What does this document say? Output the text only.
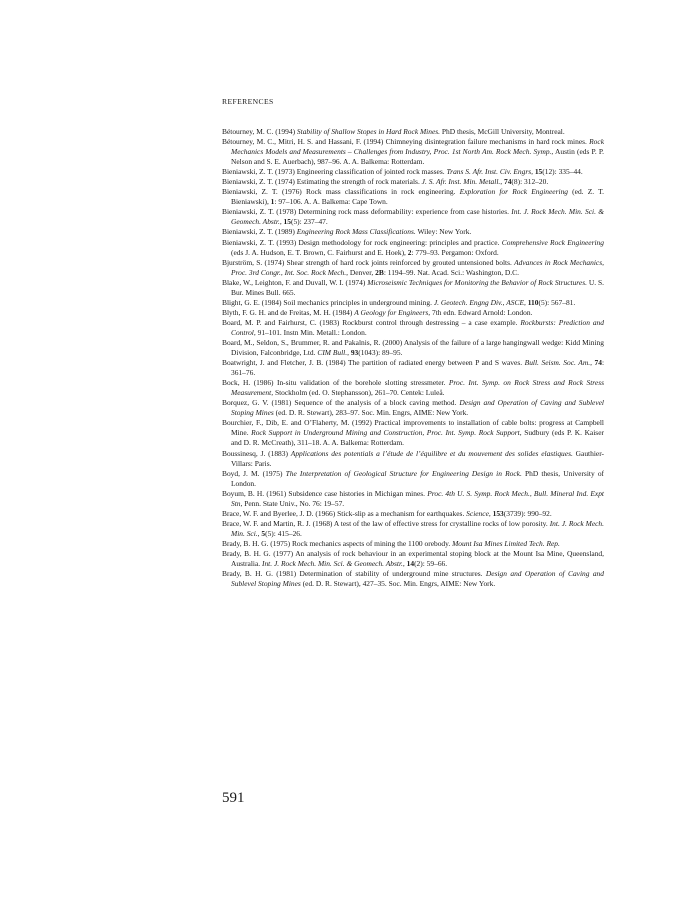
REFERENCES
Bétourney, M. C. (1994) Stability of Shallow Stopes in Hard Rock Mines. PhD thesis, McGill University, Montreal.
Bétourney, M. C., Mitri, H. S. and Hassani, F. (1994) Chimneying disintegration failure mechanisms in hard rock mines. Rock Mechanics Models and Measurements – Challenges from Industry, Proc. 1st North Am. Rock Mech. Symp., Austin (eds P. P. Nelson and S. E. Auerbach), 987–96. A. A. Balkema: Rotterdam.
Bieniawski, Z. T. (1973) Engineering classification of jointed rock masses. Trans S. Afr. Inst. Civ. Engrs, 15(12): 335–44.
Bieniawski, Z. T. (1974) Estimating the strength of rock materials. J. S. Afr. Inst. Min. Metall., 74(8): 312–20.
Bieniawski, Z. T. (1976) Rock mass classifications in rock engineering. Exploration for Rock Engineering (ed. Z. T. Bieniawski), 1: 97–106. A. A. Balkema: Cape Town.
Bieniawski, Z. T. (1978) Determining rock mass deformability: experience from case histories. Int. J. Rock Mech. Min. Sci. & Geomech. Abstr., 15(5): 237–47.
Bieniawski, Z. T. (1989) Engineering Rock Mass Classifications. Wiley: New York.
Bieniawski, Z. T. (1993) Design methodology for rock engineering: principles and practice. Comprehensive Rock Engineering (eds J. A. Hudson, E. T. Brown, C. Fairhurst and E. Hoek), 2: 779–93. Pergamon: Oxford.
Bjurström, S. (1974) Shear strength of hard rock joints reinforced by grouted untensioned bolts. Advances in Rock Mechanics, Proc. 3rd Congr., Int. Soc. Rock Mech., Denver, 2B: 1194–99. Nat. Acad. Sci.: Washington, D.C.
Blake, W., Leighton, F. and Duvall, W. I. (1974) Microseismic Techniques for Monitoring the Behavior of Rock Structures. U. S. Bur. Mines Bull. 665.
Blight, G. E. (1984) Soil mechanics principles in underground mining. J. Geotech. Engng Div., ASCE, 110(5): 567–81.
Blyth, F. G. H. and de Freitas, M. H. (1984) A Geology for Engineers, 7th edn. Edward Arnold: London.
Board, M. P. and Fairhurst, C. (1983) Rockburst control through destressing – a case example. Rockbursts: Prediction and Control, 91–101. Instn Min. Metall.: London.
Board, M., Seldon, S., Brummer, R. and Pakalnis, R. (2000) Analysis of the failure of a large hangingwall wedge: Kidd Mining Division, Falconbridge, Ltd. CIM Bull., 93(1043): 89–95.
Boatwright, J. and Fletcher, J. B. (1984) The partition of radiated energy between P and S waves. Bull. Seism. Soc. Am., 74: 361–76.
Bock, H. (1986) In-situ validation of the borehole slotting stressmeter. Proc. Int. Symp. on Rock Stress and Rock Stress Measurement, Stockholm (ed. O. Stephansson), 261–70. Centek: Luleå.
Borquez, G. V. (1981) Sequence of the analysis of a block caving method. Design and Operation of Caving and Sublevel Stoping Mines (ed. D. R. Stewart), 283–97. Soc. Min. Engrs, AIME: New York.
Bourchier, F., Dib, E. and O’Flaherty, M. (1992) Practical improvements to installation of cable bolts: progress at Campbell Mine. Rock Support in Underground Mining and Construction, Proc. Int. Symp. Rock Support, Sudbury (eds P. K. Kaiser and D. R. McCreath), 311–18. A. A. Balkema: Rotterdam.
Boussinesq, J. (1883) Applications des potentials a l’étude de l’équilibre et du mouvement des solides elastiques. Gauthier-Villars: Paris.
Boyd, J. M. (1975) The Interpretation of Geological Structure for Engineering Design in Rock. PhD thesis, University of London.
Boyum, B. H. (1961) Subsidence case histories in Michigan mines. Proc. 4th U. S. Symp. Rock Mech., Bull. Mineral Ind. Expt Stn, Penn. State Univ., No. 76: 19–57.
Brace, W. F. and Byerlee, J. D. (1966) Stick-slip as a mechanism for earthquakes. Science, 153(3739): 990–92.
Brace, W. F. and Martin, R. J. (1968) A test of the law of effective stress for crystalline rocks of low porosity. Int. J. Rock Mech. Min. Sci., 5(5): 415–26.
Brady, B. H. G. (1975) Rock mechanics aspects of mining the 1100 orebody. Mount Isa Mines Limited Tech. Rep.
Brady, B. H. G. (1977) An analysis of rock behaviour in an experimental stoping block at the Mount Isa Mine, Queensland, Australia. Int. J. Rock Mech. Min. Sci. & Geomech. Abstr., 14(2): 59–66.
Brady, B. H. G. (1981) Determination of stability of underground mine structures. Design and Operation of Caving and Sublevel Stoping Mines (ed. D. R. Stewart), 427–35. Soc. Min. Engrs, AIME: New York.
591
